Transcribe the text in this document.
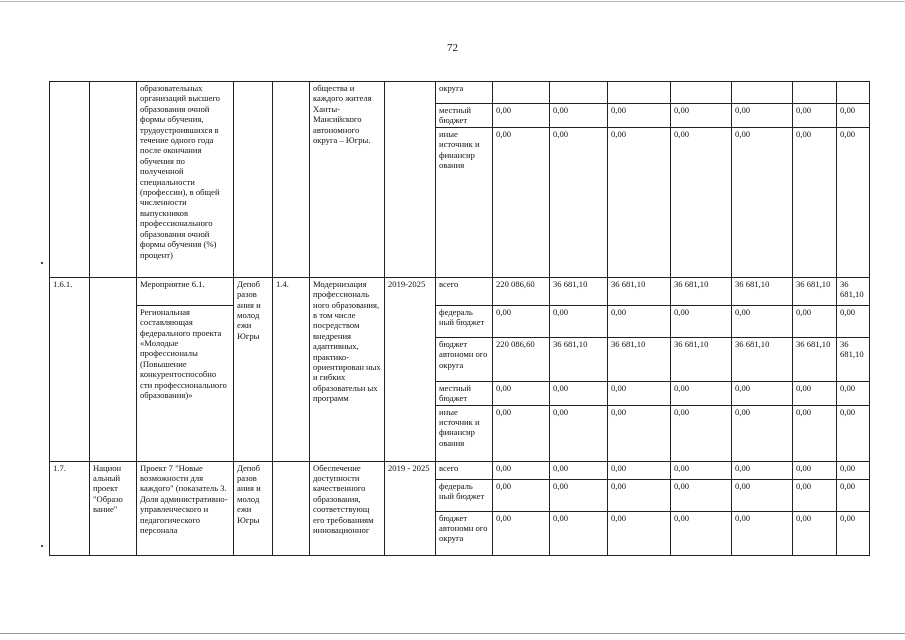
72
		образовательных организаций высшего образования очной формы обучения, трудоустроившихся в течение одного года после окончания обучения по полученной специальности (профессии), в общей численности выпускников профессионального образования очной формы обучения (%) процент)			общества и каждого жителя Ханты-Мансийского автономного округа – Югры.		округа							
							местный бюджет	0,00	0,00	0,00	0,00	0,00	0,00	0,00
							иные источник и финансир ования	0,00	0,00	0,00	0,00	0,00	0,00	0,00
1.6.1.		Мероприятие 6.1.	Депоб разов ания и молод ежи Югры	1.4.	Модернизация профессиональ ного образования, в том числе посредством внедрения адаптивных, практико-ориентирован ных и гибких образовательн ых программ	2019-2025	всего	220 086,60	36 681,10	36 681,10	36 681,10	36 681,10	36 681,10	36 681,10
		Региональная составляющая федерального проекта «Молодые профессионалы (Повышение конкурентоспособно сти профессионального образования)»					федераль ный бюджет	0,00	0,00	0,00	0,00	0,00	0,00	0,00
							бюджет автономн ого округа	220 086,60	36 681,10	36 681,10	36 681,10	36 681,10	36 681,10	36 681,10
							местный бюджет	0,00	0,00	0,00	0,00	0,00	0,00	0,00
							иные источник и финансир ования	0,00	0,00	0,00	0,00	0,00	0,00	0,00
1.7.	Национ альный проект "Образо вание"	Проект 7 "Новые возможности для каждого" (показатель 3. Доля административно-управленческого и педагогического персонала	Депоб разов ания и молод ежи Югры		Обеспечение доступности качественного образования, соответствующ его требованиям инновационног	2019 - 2025	всего	0,00	0,00	0,00	0,00	0,00	0,00	0,00
							федераль ный бюджет	0,00	0,00	0,00	0,00	0,00	0,00	0,00
							бюджет автономн ого округа	0,00	0,00	0,00	0,00	0,00	0,00	0,00
